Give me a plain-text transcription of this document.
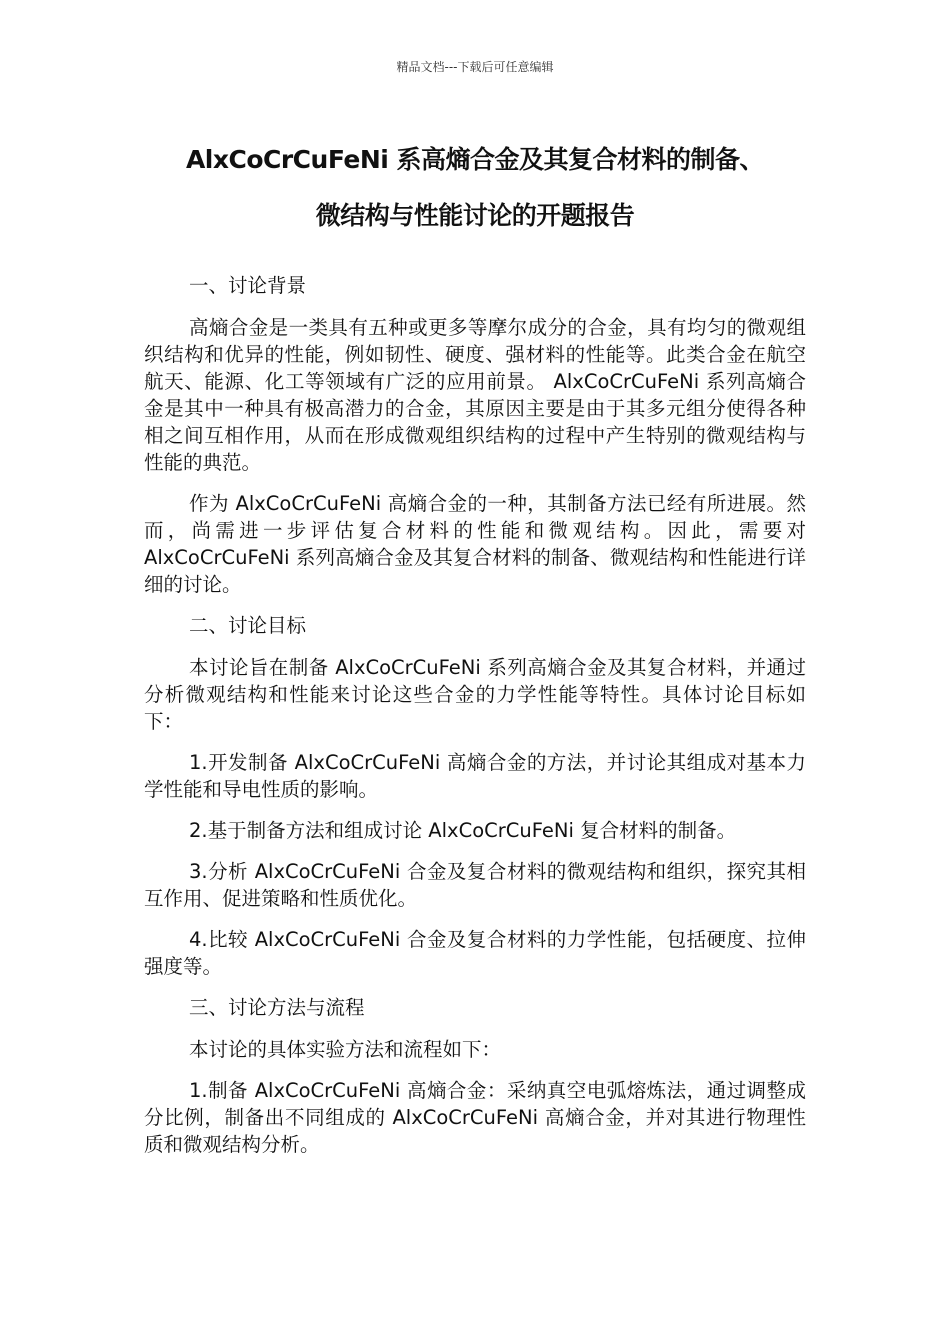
精品文档---下载后可任意编辑
AlxCoCrCuFeNi 系高熵合金及其复合材料的制备、
微结构与性能讨论的开题报告

一、讨论背景

高熵合金是一类具有五种或更多等摩尔成分的合金，具有均匀的微观组织结构和优异的性能，例如韧性、硬度、强材料的性能等。此类合金在航空航天、能源、化工等领域有广泛的应用前景。 AlxCoCrCuFeNi 系列高熵合金是其中一种具有极高潜力的合金，其原因主要是由于其多元组分使得各种相之间互相作用，从而在形成微观组织结构的过程中产生特别的微观结构与性能的典范。

作为 AlxCoCrCuFeNi 高熵合金的一种，其制备方法已经有所进展。然而，尚需进一步评估复合材料的性能和微观结构。因此，需要对AlxCoCrCuFeNi 系列高熵合金及其复合材料的制备、微观结构和性能进行详细的讨论。

二、讨论目标

本讨论旨在制备 AlxCoCrCuFeNi 系列高熵合金及其复合材料，并通过分析微观结构和性能来讨论这些合金的力学性能等特性。具体讨论目标如下：

1.开发制备 AlxCoCrCuFeNi 高熵合金的方法，并讨论其组成对基本力学性能和导电性质的影响。

2.基于制备方法和组成讨论 AlxCoCrCuFeNi 复合材料的制备。

3.分析 AlxCoCrCuFeNi 合金及复合材料的微观结构和组织，探究其相互作用、促进策略和性质优化。

4.比较 AlxCoCrCuFeNi 合金及复合材料的力学性能，包括硬度、拉伸强度等。

三、讨论方法与流程

本讨论的具体实验方法和流程如下：

1.制备 AlxCoCrCuFeNi 高熵合金：采纳真空电弧熔炼法，通过调整成分比例，制备出不同组成的 AlxCoCrCuFeNi 高熵合金，并对其进行物理性质和微观结构分析。
